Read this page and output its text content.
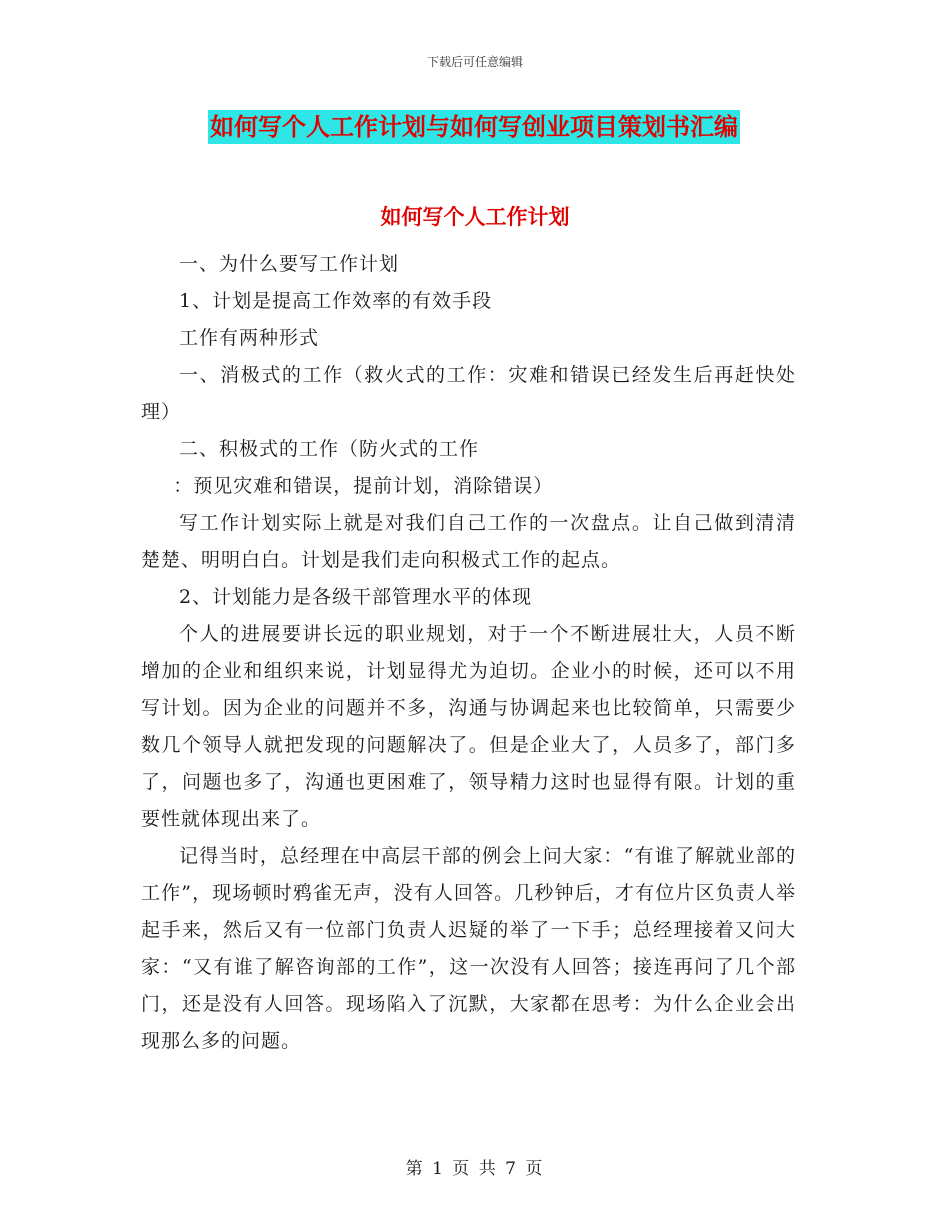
下载后可任意编辑
如何写个人工作计划与如何写创业项目策划书汇编
如何写个人工作计划

一、为什么要写工作计划

1、计划是提高工作效率的有效手段

工作有两种形式

一、消极式的工作（救火式的工作：灾难和错误已经发生后再赶快处理）

二、积极式的工作（防火式的工作

：预见灾难和错误，提前计划，消除错误）

写工作计划实际上就是对我们自己工作的一次盘点。让自己做到清清楚楚、明明白白。计划是我们走向积极式工作的起点。

2、计划能力是各级干部管理水平的体现

个人的进展要讲长远的职业规划，对于一个不断进展壮大，人员不断增加的企业和组织来说，计划显得尤为迫切。企业小的时候，还可以不用写计划。因为企业的问题并不多，沟通与协调起来也比较简单，只需要少数几个领导人就把发现的问题解决了。但是企业大了，人员多了，部门多了，问题也多了，沟通也更困难了，领导精力这时也显得有限。计划的重要性就体现出来了。

记得当时，总经理在中高层干部的例会上问大家：“有谁了解就业部的工作”，现场顿时鸦雀无声，没有人回答。几秒钟后，才有位片区负责人举起手来，然后又有一位部门负责人迟疑的举了一下手；总经理接着又问大家：“又有谁了解咨询部的工作”，这一次没有人回答；接连再问了几个部门，还是没有人回答。现场陷入了沉默，大家都在思考：为什么企业会出现那么多的问题。

第 1 页 共 7 页
